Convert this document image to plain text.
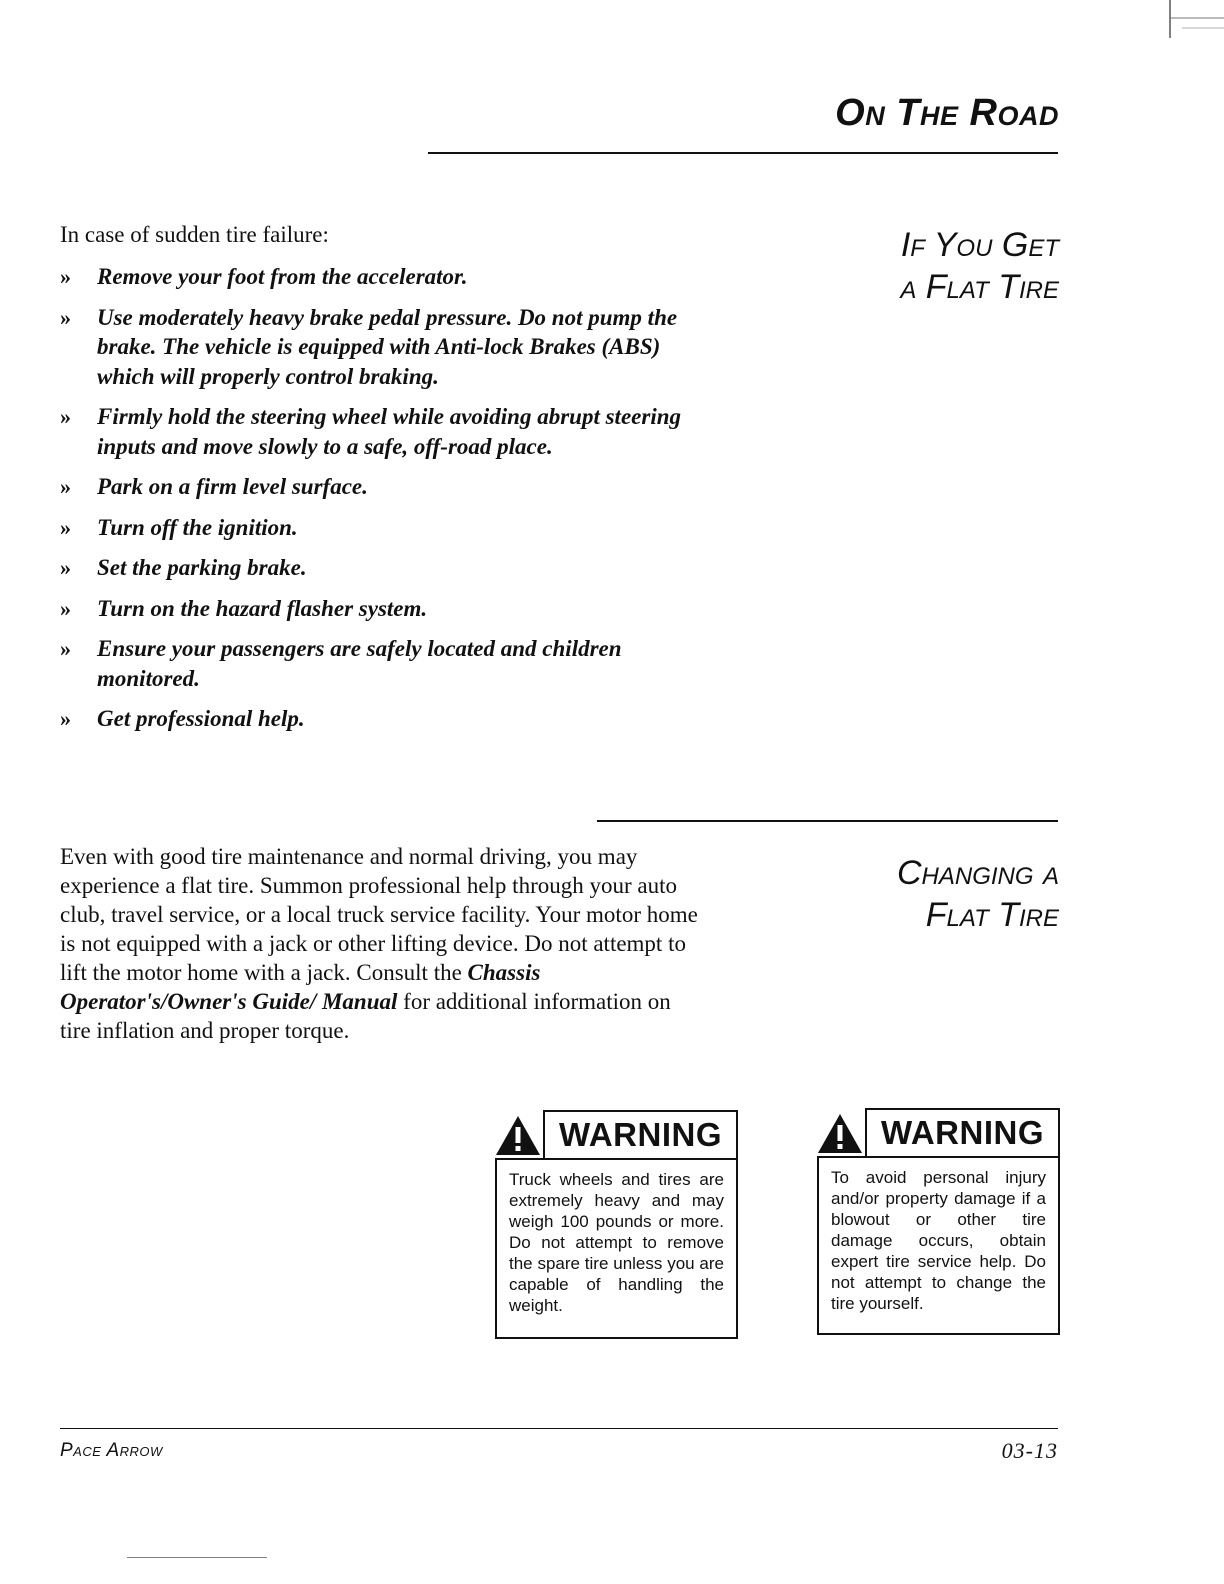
On The Road
If You Get
a Flat Tire
In case of sudden tire failure:
» Remove your foot from the accelerator.
» Use moderately heavy brake pedal pressure. Do not pump the brake. The vehicle is equipped with Anti-lock Brakes (ABS) which will properly control braking.
» Firmly hold the steering wheel while avoiding abrupt steering inputs and move slowly to a safe, off-road place.
» Park on a firm level surface.
» Turn off the ignition.
» Set the parking brake.
» Turn on the hazard flasher system.
» Ensure your passengers are safely located and children monitored.
» Get professional help.
Changing a
Flat Tire

Even with good tire maintenance and normal driving, you may experience a flat tire. Summon professional help through your auto club, travel service, or a local truck service facility. Your motor home is not equipped with a jack or other lifting device. Do not attempt to lift the motor home with a jack. Consult the Chassis Operator's/Owner's Guide/ Manual for additional information on tire inflation and proper torque.

WARNING
Truck wheels and tires are extremely heavy and may weigh 100 pounds or more. Do not attempt to remove the spare tire unless you are capable of handling the weight.
WARNING
To avoid personal injury and/or property damage if a blowout or other tire damage occurs, obtain expert tire service help. Do not attempt to change the tire yourself.
Pace Arrow	03-13
